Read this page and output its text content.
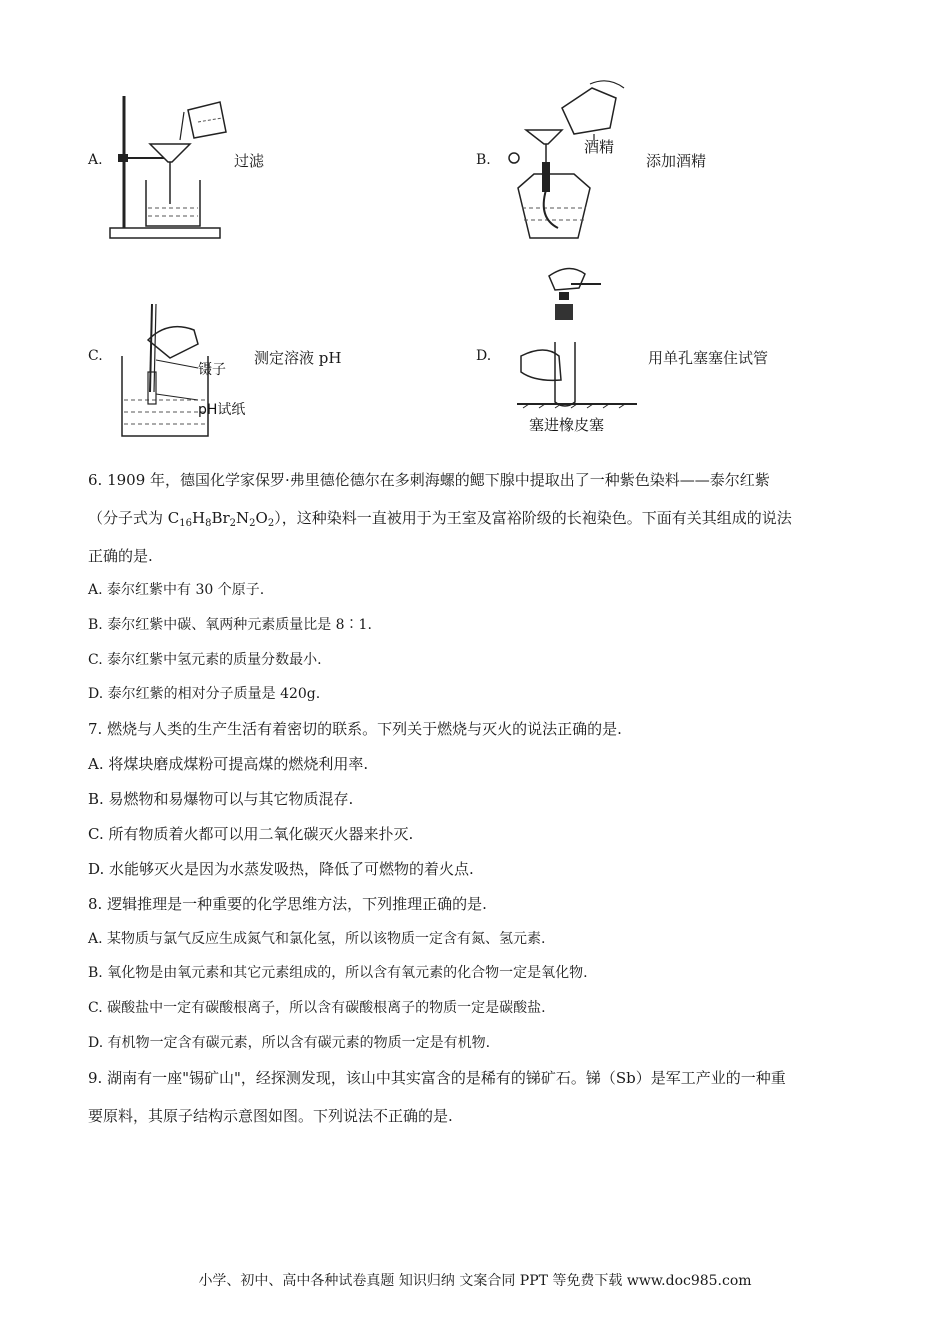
A.	过滤	B.
酒精
添加酒精
C.
镊子
pH试纸
测定溶液 pH	D.
塞进橡皮塞
用单孔塞塞住试管
6. 1909 年，德国化学家保罗·弗里德伦德尔在多刺海螺的鳃下腺中提取出了一种紫色染料——泰尔红紫
（分子式为 $C_{16}H_8Br_2N_2O_2$），这种染料一直被用于为王室及富裕阶级的长袍染色。下面有关其组成的说法
正确的是.
A. 泰尔红紫中有 30 个原子.
B. 泰尔红紫中碳、氧两种元素质量比是 8∶1.
C. 泰尔红紫中氢元素的质量分数最小.
D. 泰尔红紫的相对分子质量是 420g.
7. 燃烧与人类的生产生活有着密切的联系。下列关于燃烧与灭火的说法正确的是.
A. 将煤块磨成煤粉可提高煤的燃烧利用率.
B. 易燃物和易爆物可以与其它物质混存.
C. 所有物质着火都可以用二氧化碳灭火器来扑灭.
D. 水能够灭火是因为水蒸发吸热，降低了可燃物的着火点.
8. 逻辑推理是一种重要的化学思维方法，下列推理正确的是.
A. 某物质与氯气反应生成氮气和氯化氢，所以该物质一定含有氮、氢元素.
B. 氧化物是由氧元素和其它元素组成的，所以含有氧元素的化合物一定是氧化物.
C. 碳酸盐中一定有碳酸根离子，所以含有碳酸根离子的物质一定是碳酸盐.
D. 有机物一定含有碳元素，所以含有碳元素的物质一定是有机物.
9. 湖南有一座"锡矿山"，经探测发现，该山中其实富含的是稀有的锑矿石。锑（Sb）是军工产业的一种重
要原料，其原子结构示意图如图。下列说法不正确的是.
小学、初中、高中各种试卷真题 知识归纳 文案合同 PPT 等免费下载 www.doc985.com
